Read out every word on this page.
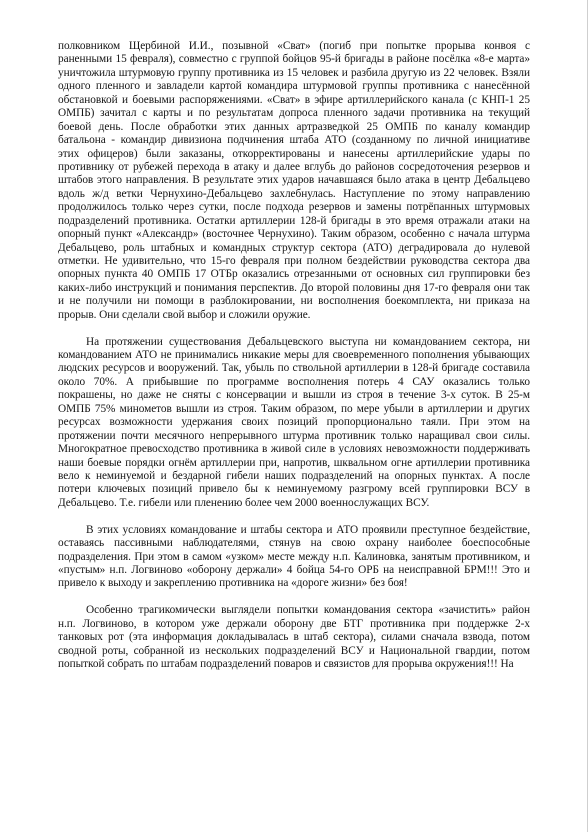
полковником Щербиной И.И., позывной «Сват» (погиб при попытке прорыва конвоя с
раненными 15 февраля), совместно с группой бойцов 95-й бригады в районе посёлка «8-е марта»
уничтожила штурмовую группу противника из 15 человек и разбила другую из 22 человек. Взяли
одного пленного и завладели картой командира штурмовой группы противника с нанесённой
обстановкой и боевыми распоряжениями. «Сват» в эфире артиллерийского канала (с КНП-1 25
ОМПБ) зачитал с карты и по результатам допроса пленного задачи противника на текущий
боевой день. После обработки этих данных артразведкой 25 ОМПБ по каналу командир
батальона - командир дивизиона подчинения штаба АТО (созданному по личной инициативе
этих офицеров) были заказаны, откорректированы и нанесены артиллерийские удары по
противнику от рубежей перехода в атаку и далее вглубь до районов сосредоточения резервов и
штабов этого направления. В результате этих ударов начавшаяся было атака в центр Дебальцево
вдоль ж/д ветки Чернухино-Дебальцево захлебнулась. Наступление по этому направлению
продолжилось только через сутки, после подхода резервов и замены потрёпанных штурмовых
подразделений противника. Остатки артиллерии 128-й бригады в это время отражали атаки на
опорный пункт «Александр» (восточнее Чернухино). Таким образом, особенно с начала штурма
Дебальцево, роль штабных и командных структур сектора (АТО) деградировала до нулевой
отметки. Не удивительно, что 15-го февраля при полном бездействии руководства сектора два
опорных пункта 40 ОМПБ 17 ОТБр оказались отрезанными от основных сил группировки без
каких-либо инструкций и понимания перспектив. До второй половины дня 17-го февраля они так
и не получили ни помощи в разблокировании, ни восполнения боекомплекта, ни приказа на
прорыв. Они сделали свой выбор и сложили оружие.
На протяжении существования Дебальцевского выступа ни командованием сектора, ни
командованием АТО не принимались никакие меры для своевременного пополнения убывающих
людских ресурсов и вооружений. Так, убыль по ствольной артиллерии в 128-й бригаде составила
около 70%. А прибывшие по программе восполнения потерь 4 САУ оказались только
покрашены, но даже не сняты с консервации и вышли из строя в течение 3-х суток. В 25-м
ОМПБ 75% минометов вышли из строя. Таким образом, по мере убыли в артиллерии и других
ресурсах возможности удержания своих позиций пропорционально таяли. При этом на
протяжении почти месячного непрерывного штурма противник только наращивал свои силы.
Многократное превосходство противника в живой силе в условиях невозможности поддерживать
наши боевые порядки огнём артиллерии при, напротив, шквальном огне артиллерии противника
вело к неминуемой и бездарной гибели наших подразделений на опорных пунктах. А после
потери ключевых позиций привело бы к неминуемому разгрому всей группировки ВСУ в
Дебальцево. Т.е. гибели или пленению более чем 2000 военнослужащих ВСУ.
В этих условиях командование и штабы сектора и АТО проявили преступное бездействие,
оставаясь пассивными наблюдателями, стянув на свою охрану наиболее боеспособные
подразделения. При этом в самом «узком» месте между н.п. Калиновка, занятым противником, и
«пустым» н.п. Логвиново «оборону держали» 4 бойца 54-го ОРБ на неисправной БРМ!!! Это и
привело к выходу и закреплению противника на «дороге жизни» без боя!
Особенно трагикомически выглядели попытки командования сектора «зачистить» район
н.п. Логвиново, в котором уже держали оборону две БТГ противника при поддержке 2-х
танковых рот (эта информация докладывалась в штаб сектора), силами сначала взвода, потом
сводной роты, собранной из нескольких подразделений ВСУ и Национальной гвардии, потом
попыткой собрать по штабам подразделений поваров и связистов для прорыва окружения!!! На
